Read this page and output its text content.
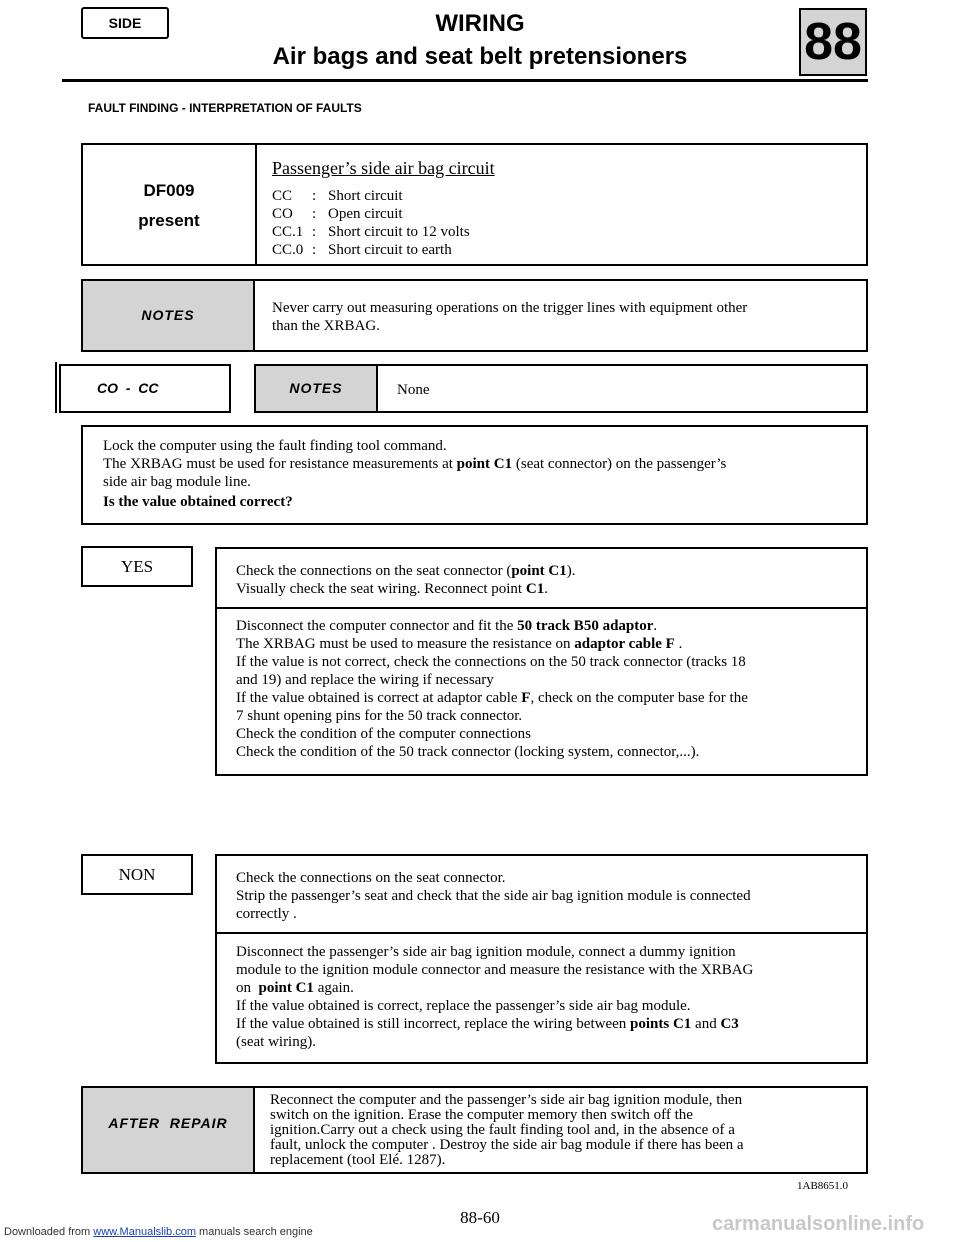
SIDE	WIRING
Air bags and seat belt pretensioners	88
FAULT FINDING - INTERPRETATION OF FAULTS
DF009
present
Passenger’s side air bag circuit
CC : Short circuit
CO : Open circuit
CC.1 : Short circuit to 12 volts
CC.0 : Short circuit to earth
NOTES	Never carry out measuring operations on the trigger lines with equipment other
than the XRBAG.
CO  -  CC	NOTES	None
Lock the computer using the fault finding tool command.
The XRBAG must be used for resistance measurements at point C1 (seat connector) on the passenger’s
side air bag module line.
Is the value obtained correct?
YES	Check the connections on the seat connector (point C1).
Visually check the seat wiring. Reconnect point C1.
Disconnect the computer connector and fit the 50 track B50 adaptor.
The XRBAG must be used to measure the resistance on adaptor cable F .
If the value is not correct, check the connections on the 50 track connector (tracks 18
and 19) and replace the wiring if necessary
If the value obtained is correct at adaptor cable F, check on the computer base for the
7 shunt opening pins for the 50 track connector.
Check the condition of the computer connections
Check the condition of the 50 track connector (locking system, connector,...).
NON	Check the connections on the seat connector.
Strip the passenger’s seat and check that the side air bag ignition module is connected
correctly .
Disconnect the passenger’s side air bag ignition module, connect a dummy ignition
module to the ignition module connector and measure the resistance with the XRBAG
on  point C1 again.
If the value obtained is correct, replace the passenger’s side air bag module.
If the value obtained is still incorrect, replace the wiring between points C1 and C3
(seat wiring).
AFTER  REPAIR
Reconnect the computer and the passenger’s side air bag ignition module, then
switch on the ignition. Erase the computer memory then switch off the
ignition.Carry out a check using the fault finding tool and, in the absence of a
fault, unlock the computer . Destroy the side air bag module if there has been a
replacement (tool Elé. 1287).
1AB8651.0
88-60
Downloaded from www.Manualslib.com manuals search engine	carmanualsonline.info
